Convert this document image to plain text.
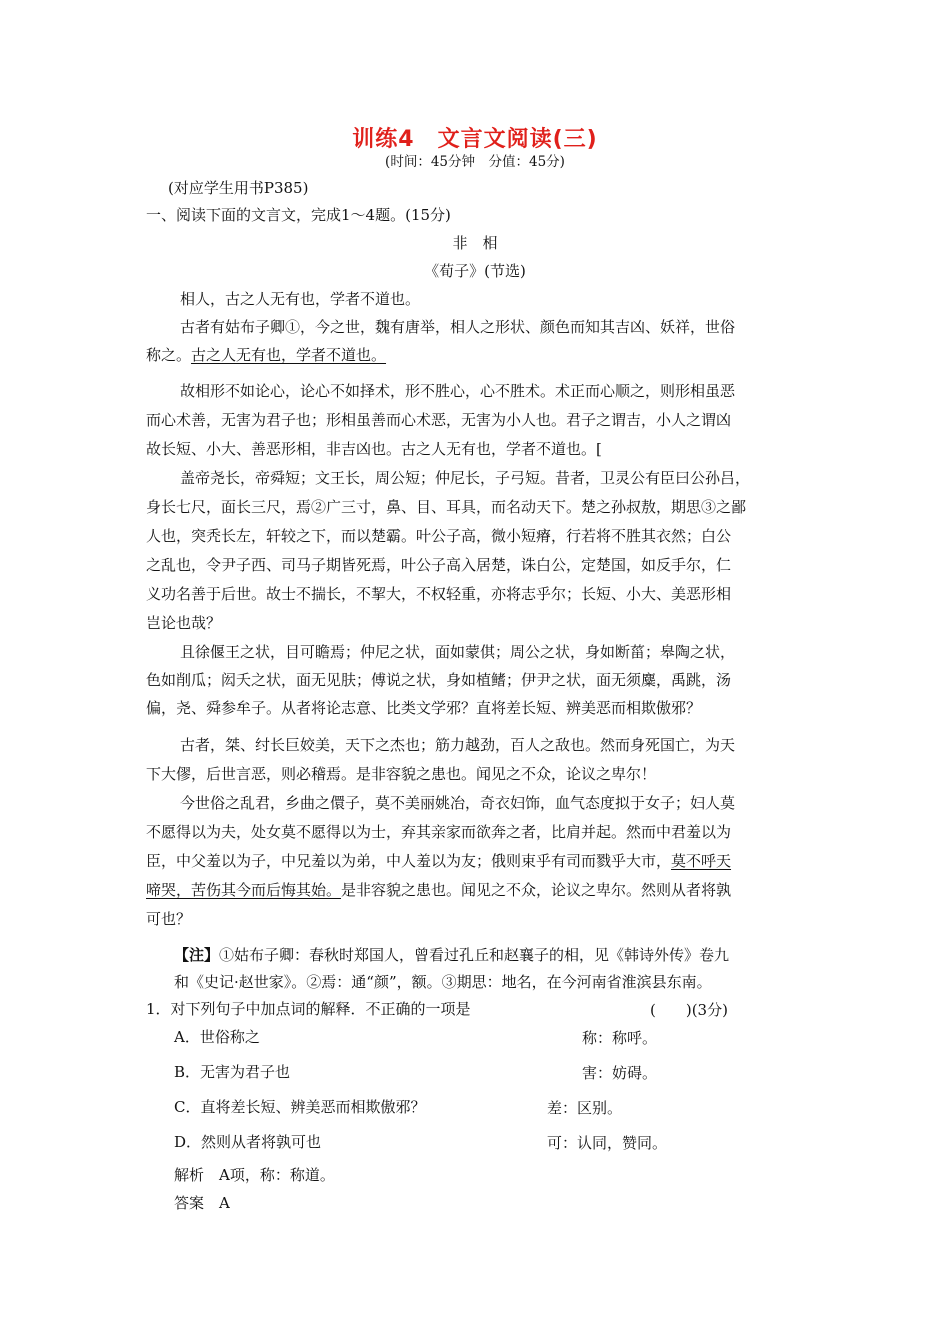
训练4　文言文阅读(三)
(时间：45分钟　分值：45分)
(对应学生用书P385)
一、阅读下面的文言文，完成1～4题。(15分)
非　相
《荀子》(节选)
相人，古之人无有也，学者不道也。
古者有姑布子卿①，今之世，魏有唐举，相人之形状、颜色而知其吉凶、妖祥，世俗
称之。古之人无有也，学者不道也。
故相形不如论心，论心不如择术，形不胜心，心不胜术。术正而心顺之，则形相虽恶
而心术善，无害为君子也；形相虽善而心术恶，无害为小人也。君子之谓吉，小人之谓凶
故长短、小大、善恶形相，非吉凶也。古之人无有也，学者不道也。[
盖帝尧长，帝舜短；文王长，周公短；仲尼长，子弓短。昔者，卫灵公有臣曰公孙吕，
身长七尺，面长三尺，焉②广三寸，鼻、目、耳具，而名动天下。楚之孙叔敖，期思③之鄙
人也，突秃长左，轩较之下，而以楚霸。叶公子高，微小短瘠，行若将不胜其衣然；白公
之乱也，令尹子西、司马子期皆死焉，叶公子高入居楚，诛白公，定楚国，如反手尔，仁
义功名善于后世。故士不揣长，不挈大，不权轻重，亦将志乎尔；长短、小大、美恶形相
岂论也哉？
且徐偃王之状，目可瞻焉；仲尼之状，面如蒙倛；周公之状，身如断菑；皋陶之状，
色如削瓜；闳夭之状，面无见肤；傅说之状，身如植鳍；伊尹之状，面无须麋，禹跳，汤
偏，尧、舜参牟子。从者将论志意、比类文学邪？直将差长短、辨美恶而相欺傲邪？
古者，桀、纣长巨姣美，天下之杰也；筋力越劲，百人之敌也。然而身死国亡，为天
下大僇，后世言恶，则必稽焉。是非容貌之患也。闻见之不众，论议之卑尔！
今世俗之乱君，乡曲之儇子，莫不美丽姚冶，奇衣妇饰，血气态度拟于女子；妇人莫
不愿得以为夫，处女莫不愿得以为士，弃其亲家而欲奔之者，比肩并起。然而中君羞以为
臣，中父羞以为子，中兄羞以为弟，中人羞以为友；俄则束乎有司而戮乎大市，莫不呼天
啼哭，苦伤其今而后悔其始。是非容貌之患也。闻见之不众，论议之卑尔。然则从者将孰
可也？
【注】①姑布子卿：春秋时郑国人，曾看过孔丘和赵襄子的相，见《韩诗外传》卷九
和《史记·赵世家》。②焉：通“颜”，额。③期思：地名，在今河南省淮滨县东南。
1．对下列句子中加点词的解释．不正确的一项是	(　　)(3分)
A．世俗称之	称：称呼。
B．无害为君子也	害：妨碍。
C．直将差长短、辨美恶而相欺傲邪？	差：区别。
D．然则从者将孰可也	可：认同，赞同。
解析　 A项，称：称道。
答案　 A
